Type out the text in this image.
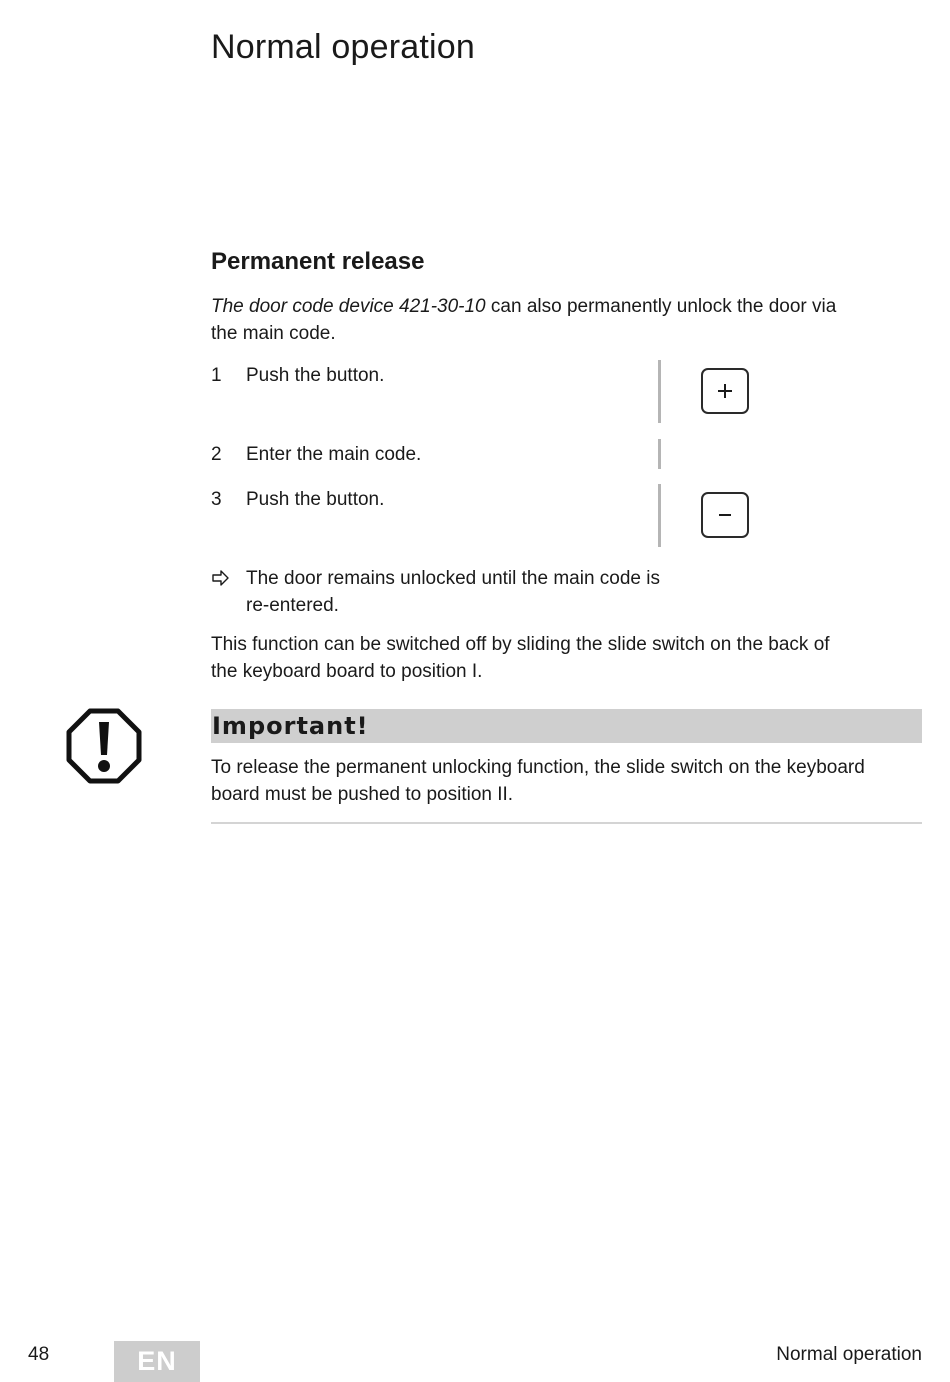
Normal operation
Permanent release
The door code device 421-30-10 can also permanently unlock the door via the main code.
1 Push the button.
2 Enter the main code.
3 Push the button.
The door remains unlocked until the main code is re-entered.
This function can be switched off by sliding the slide switch on the back of the keyboard board to position I.
Important!
To release the permanent unlocking function, the slide switch on the keyboard board must be pushed to position II.
48	EN	Normal operation
